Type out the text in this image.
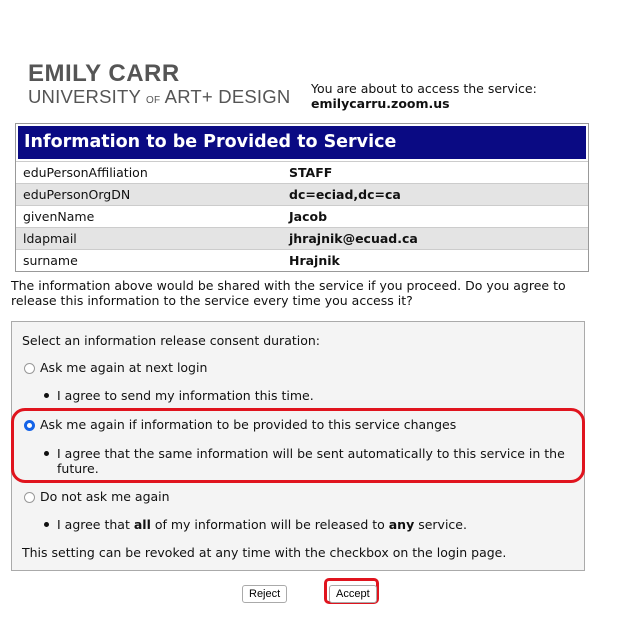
EMILY CARR
UNIVERSITY OF ART+ DESIGN You are about to access the service:
emilycarru.zoom.us
Information to be Provided to Service
eduPersonAffiliation	STAFF
eduPersonOrgDN	dc=eciad,dc=ca
givenName	Jacob
ldapmail	jhrajnik@ecuad.ca
surname	Hrajnik
The information above would be shared with the service if you proceed. Do you agree to release this information to the service every time you access it?
Select an information release consent duration:
Ask me again at next login
I agree to send my information this time.
Ask me again if information to be provided to this service changes
I agree that the same information will be sent automatically to this service in the future.
Do not ask me again
I agree that all of my information will be released to any service.
This setting can be revoked at any time with the checkbox on the login page.
Reject	Accept
